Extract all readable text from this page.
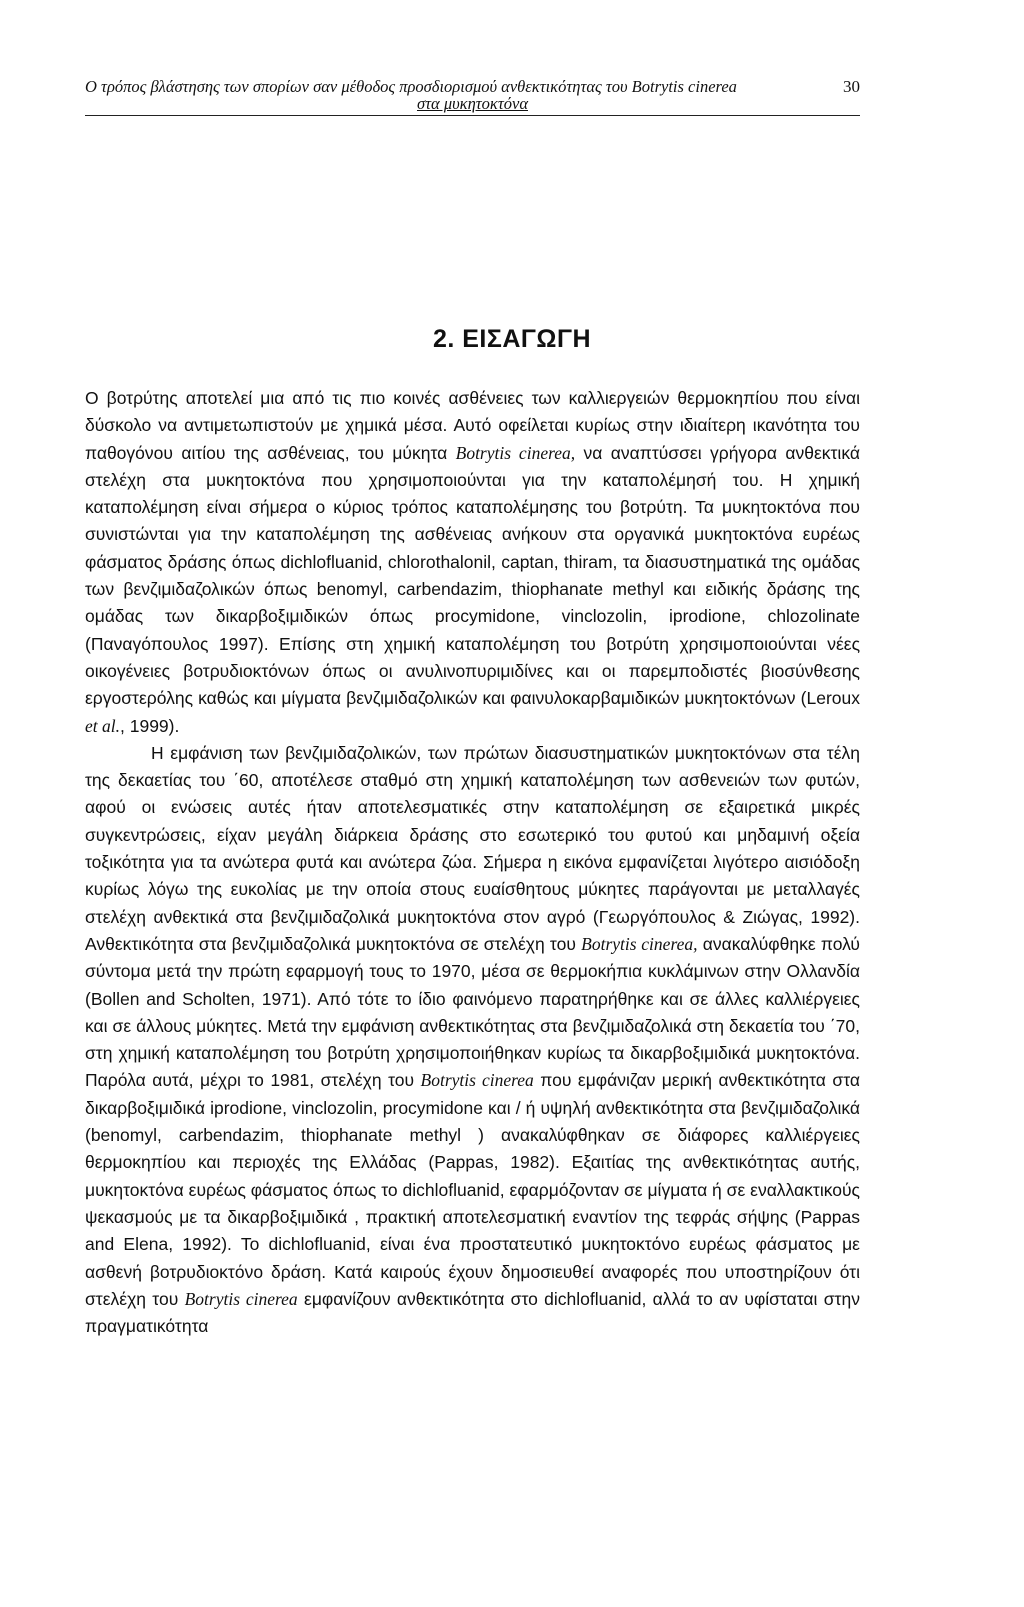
Ο τρόπος βλάστησης των σπορίων σαν μέθοδος προσδιορισμού ανθεκτικότητας του Botrytis cinerea	30
στα μυκητοκτόνα
2. ΕΙΣΑΓΩΓΗ

Ο βοτρύτης αποτελεί μια από τις πιο κοινές ασθένειες των καλλιεργειών θερμοκηπίου που είναι δύσκολο να αντιμετωπιστούν με χημικά μέσα. Αυτό οφείλεται κυρίως στην ιδιαίτερη ικανότητα του παθογόνου αιτίου της ασθένειας, του μύκητα Botrytis cinerea, να αναπτύσσει γρήγορα ανθεκτικά στελέχη στα μυκητοκτόνα που χρησιμοποιούνται για την καταπολέμησή του. Η χημική καταπολέμηση είναι σήμερα ο κύριος τρόπος καταπολέμησης του βοτρύτη. Τα μυκητοκτόνα που συνιστώνται για την καταπολέμηση της ασθένειας ανήκουν στα οργανικά μυκητοκτόνα ευρέως φάσματος δράσης όπως dichlofluanid, chlorothalonil, captan, thiram, τα διασυστηματικά της ομάδας των βενζιμιδαζολικών όπως benomyl, carbendazim, thiophanate methyl και ειδικής δράσης της ομάδας των δικαρβοξιμιδικών όπως procymidone, vinclozolin, iprodione, chlozolinate (Παναγόπουλος 1997). Επίσης στη χημική καταπολέμηση του βοτρύτη χρησιμοποιούνται νέες οικογένειες βοτρυδιοκτόνων όπως οι ανυλινοπυριμιδίνες και οι παρεμποδιστές βιοσύνθεσης εργοστερόλης καθώς και μίγματα βενζιμιδαζολικών και φαινυλοκαρβαμιδικών μυκητοκτόνων (Leroux et al., 1999).

Η εμφάνιση των βενζιμιδαζολικών, των πρώτων διασυστηματικών μυκητοκτόνων στα τέλη της δεκαετίας του ΄60, αποτέλεσε σταθμό στη χημική καταπολέμηση των ασθενειών των φυτών, αφού οι ενώσεις αυτές ήταν αποτελεσματικές στην καταπολέμηση σε εξαιρετικά μικρές συγκεντρώσεις, είχαν μεγάλη διάρκεια δράσης στο εσωτερικό του φυτού και μηδαμινή οξεία τοξικότητα για τα ανώτερα φυτά και ανώτερα ζώα. Σήμερα η εικόνα εμφανίζεται λιγότερο αισιόδοξη κυρίως λόγω της ευκολίας με την οποία στους ευαίσθητους μύκητες παράγονται με μεταλλαγές στελέχη ανθεκτικά στα βενζιμιδαζολικά μυκητοκτόνα στον αγρό (Γεωργόπουλος & Ζιώγας, 1992). Ανθεκτικότητα στα βενζιμιδαζολικά μυκητοκτόνα σε στελέχη του Botrytis cinerea, ανακαλύφθηκε πολύ σύντομα μετά την πρώτη εφαρμογή τους το 1970, μέσα σε θερμοκήπια κυκλάμινων στην Ολλανδία (Bollen and Scholten, 1971). Από τότε το ίδιο φαινόμενο παρατηρήθηκε και σε άλλες καλλιέργειες και σε άλλους μύκητες. Μετά την εμφάνιση ανθεκτικότητας στα βενζιμιδαζολικά στη δεκαετία του ΄70, στη χημική καταπολέμηση του βοτρύτη χρησιμοποιήθηκαν κυρίως τα δικαρβοξιμιδικά μυκητοκτόνα. Παρόλα αυτά, μέχρι το 1981, στελέχη του Botrytis cinerea που εμφάνιζαν μερική ανθεκτικότητα στα δικαρβοξιμιδικά iprodione, vinclozolin, procymidone και / ή υψηλή ανθεκτικότητα στα βενζιμιδαζολικά (benomyl, carbendazim, thiophanate methyl ) ανακαλύφθηκαν σε διάφορες καλλιέργειες θερμοκηπίου και περιοχές της Ελλάδας (Pappas, 1982). Εξαιτίας της ανθεκτικότητας αυτής, μυκητοκτόνα ευρέως φάσματος όπως το dichlofluanid, εφαρμόζονταν σε μίγματα ή σε εναλλακτικούς ψεκασμούς με τα δικαρβοξιμιδικά , πρακτική αποτελεσματική εναντίον της τεφράς σήψης (Pappas and Elena, 1992). Το dichlofluanid, είναι ένα προστατευτικό μυκητοκτόνο ευρέως φάσματος με ασθενή βοτρυδιοκτόνο δράση. Κατά καιρούς έχουν δημοσιευθεί αναφορές που υποστηρίζουν ότι στελέχη του Botrytis cinerea εμφανίζουν ανθεκτικότητα στο dichlofluanid, αλλά το αν υφίσταται στην πραγματικότητα
